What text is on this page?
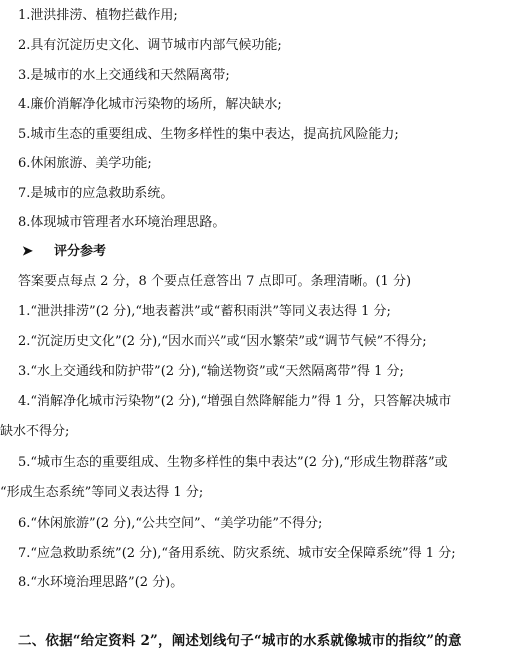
1.泄洪排涝、植物拦截作用;
2.具有沉淀历史文化、调节城市内部气候功能;
3.是城市的水上交通线和天然隔离带;
4.廉价消解净化城市污染物的场所，解决缺水;
5.城市生态的重要组成、生物多样性的集中表达，提高抗风险能力;
6.休闲旅游、美学功能;
7.是城市的应急救助系统。
8.体现城市管理者水环境治理思路。
➤ 评分参考
答案要点每点 2 分，8 个要点任意答出 7 点即可。条理清晰。(1 分)
1.“泄洪排涝”(2 分),“地表蓄洪”或“蓄积雨洪”等同义表达得 1 分;
2.“沉淀历史文化”(2 分),“因水而兴”或“因水繁荣”或“调节气候”不得分;
3.“水上交通线和防护带”(2 分),“输送物资”或“天然隔离带”得 1 分;
4.“消解净化城市污染物”(2 分),“增强自然降解能力”得 1 分，只答解决城市
缺水不得分;
5.“城市生态的重要组成、生物多样性的集中表达”(2 分),“形成生物群落”或
“形成生态系统”等同义表达得 1 分;
6.“休闲旅游”(2 分),“公共空间”、“美学功能”不得分;
7.“应急救助系统”(2 分),“备用系统、防灾系统、城市安全保障系统”得 1 分;
8.“水环境治理思路”(2 分)。
二、依据“给定资料 2”，阐述划线句子“城市的水系就像城市的指纹”的意
